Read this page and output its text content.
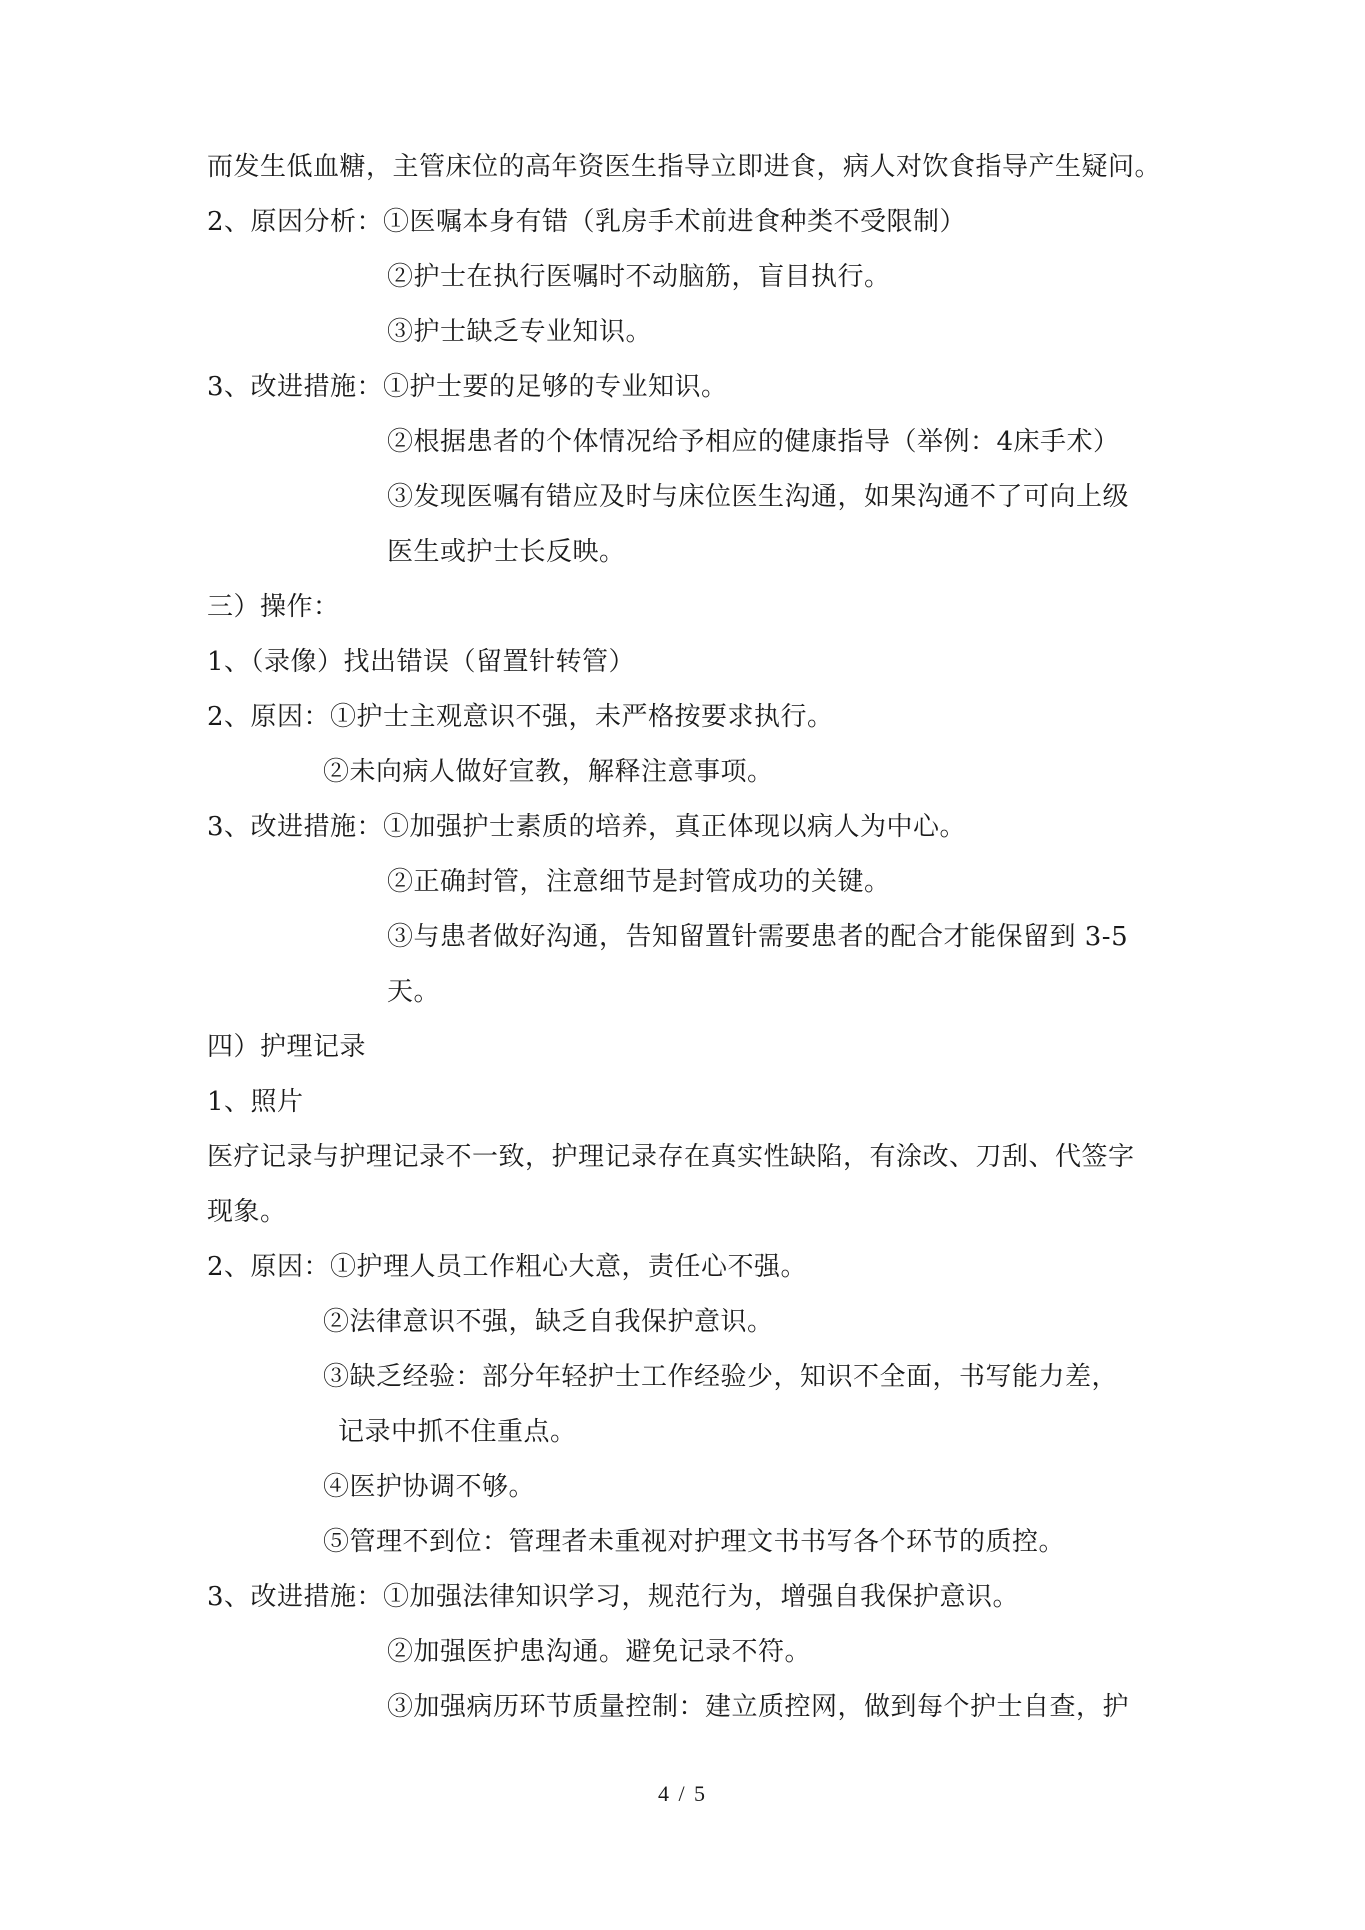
而发生低血糖，主管床位的高年资医生指导立即进食，病人对饮食指导产生疑问。
2、原因分析：①医嘱本身有错（乳房手术前进食种类不受限制）
②护士在执行医嘱时不动脑筋，盲目执行。
③护士缺乏专业知识。
3、改进措施：①护士要的足够的专业知识。
②根据患者的个体情况给予相应的健康指导（举例：4床手术）
③发现医嘱有错应及时与床位医生沟通，如果沟通不了可向上级
医生或护士长反映。
三）操作：
1、（录像）找出错误（留置针转管）
2、原因：①护士主观意识不强，未严格按要求执行。
②未向病人做好宣教，解释注意事项。
3、改进措施：①加强护士素质的培养，真正体现以病人为中心。
②正确封管，注意细节是封管成功的关键。
③与患者做好沟通，告知留置针需要患者的配合才能保留到 3-5
天。
四）护理记录
1、照片
医疗记录与护理记录不一致，护理记录存在真实性缺陷，有涂改、刀刮、代签字
现象。
2、原因：①护理人员工作粗心大意，责任心不强。
②法律意识不强，缺乏自我保护意识。
③缺乏经验：部分年轻护士工作经验少，知识不全面，书写能力差，
记录中抓不住重点。
④医护协调不够。
⑤管理不到位：管理者未重视对护理文书书写各个环节的质控。
3、改进措施：①加强法律知识学习，规范行为，增强自我保护意识。
②加强医护患沟通。避免记录不符。
③加强病历环节质量控制：建立质控网，做到每个护士自查，护
4 / 5
